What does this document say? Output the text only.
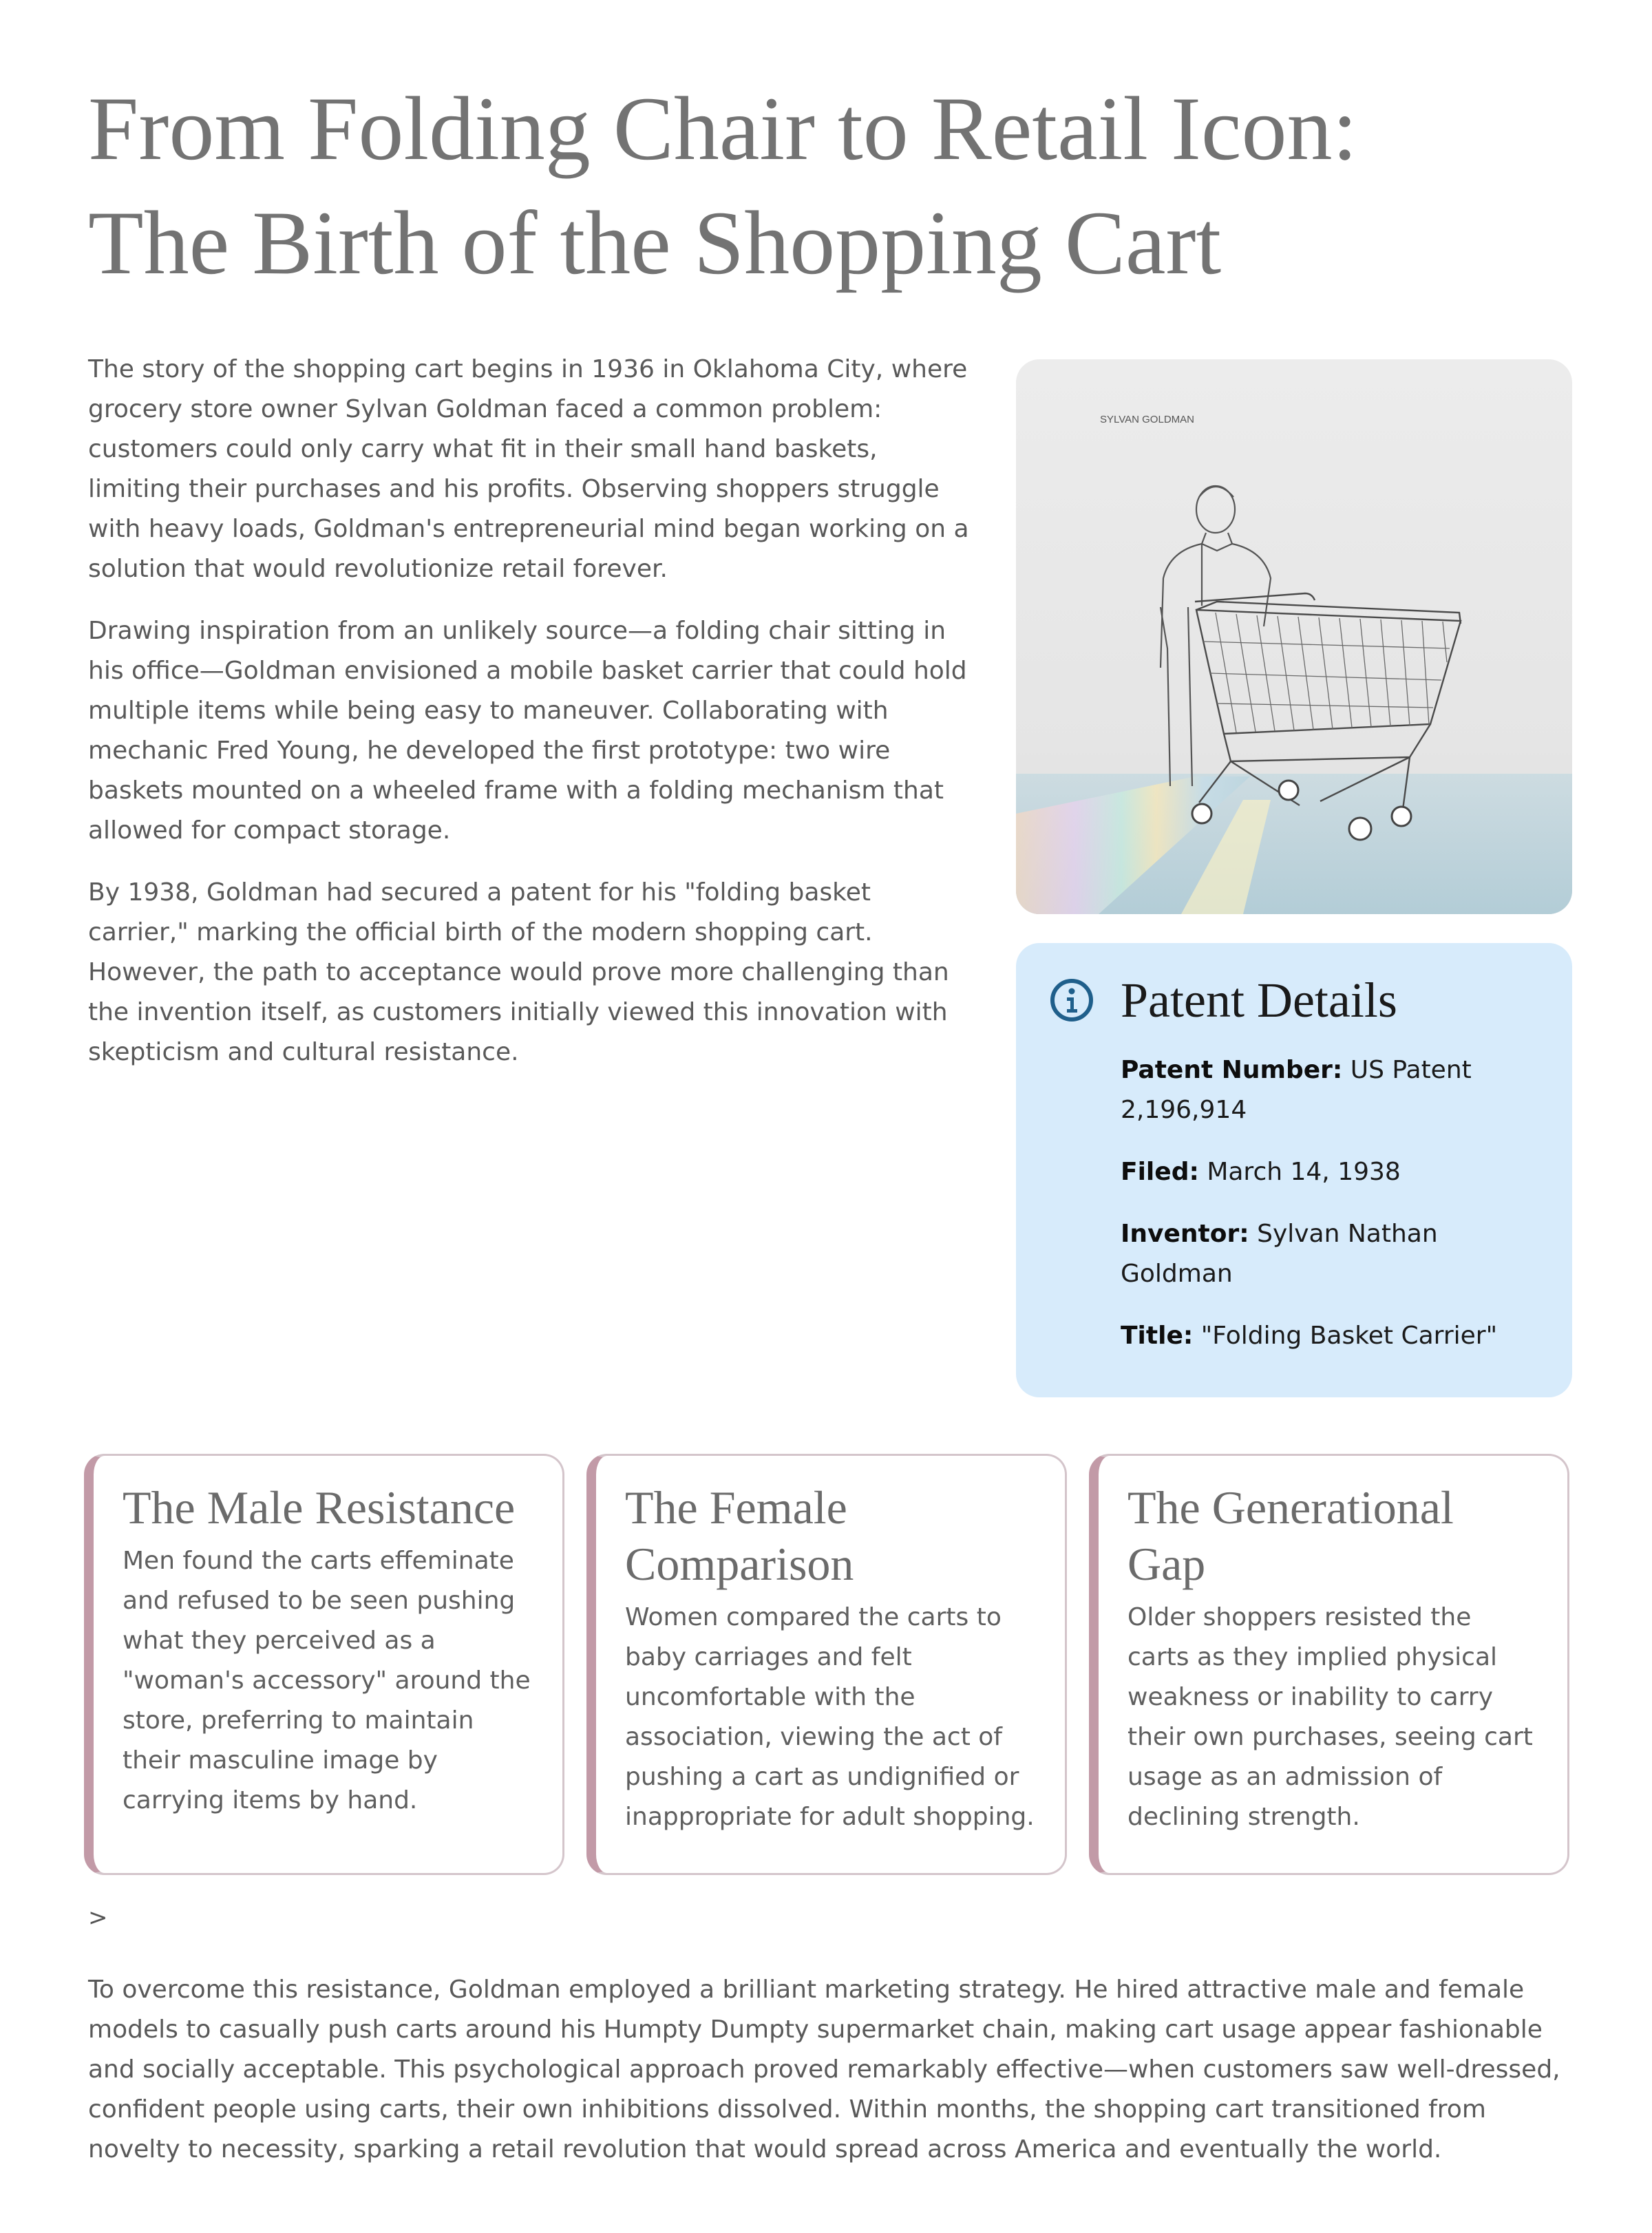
From Folding Chair to Retail Icon:
The Birth of the Shopping Cart

The story of the shopping cart begins in 1936 in Oklahoma City, where grocery store owner Sylvan Goldman faced a common problem: customers could only carry what fit in their small hand baskets, limiting their purchases and his profits. Observing shoppers struggle with heavy loads, Goldman's entrepreneurial mind began working on a solution that would revolutionize retail forever.

Drawing inspiration from an unlikely source—a folding chair sitting in his office—Goldman envisioned a mobile basket carrier that could hold multiple items while being easy to maneuver. Collaborating with mechanic Fred Young, he developed the first prototype: two wire baskets mounted on a wheeled frame with a folding mechanism that allowed for compact storage.

By 1938, Goldman had secured a patent for his "folding basket carrier," marking the official birth of the modern shopping cart. However, the path to acceptance would prove more challenging than the invention itself, as customers initially viewed this innovation with skepticism and cultural resistance.

SYLVAN GOLDMAN
Patent Details

Patent Number: US Patent 2,196,914

Filed: March 14, 1938

Inventor: Sylvan Nathan Goldman

Title: "Folding Basket Carrier"

The Male Resistance

Men found the carts effeminate and refused to be seen pushing what they perceived as a "woman's accessory" around the store, preferring to maintain their masculine image by carrying items by hand.

The Female Comparison

Women compared the carts to baby carriages and felt uncomfortable with the association, viewing the act of pushing a cart as undignified or inappropriate for adult shopping.

The Generational Gap

Older shoppers resisted the carts as they implied physical weakness or inability to carry their own purchases, seeing cart usage as an admission of declining strength.

>

To overcome this resistance, Goldman employed a brilliant marketing strategy. He hired attractive male and female models to casually push carts around his Humpty Dumpty supermarket chain, making cart usage appear fashionable and socially acceptable. This psychological approach proved remarkably effective—when customers saw well-dressed, confident people using carts, their own inhibitions dissolved. Within months, the shopping cart transitioned from novelty to necessity, sparking a retail revolution that would spread across America and eventually the world.
